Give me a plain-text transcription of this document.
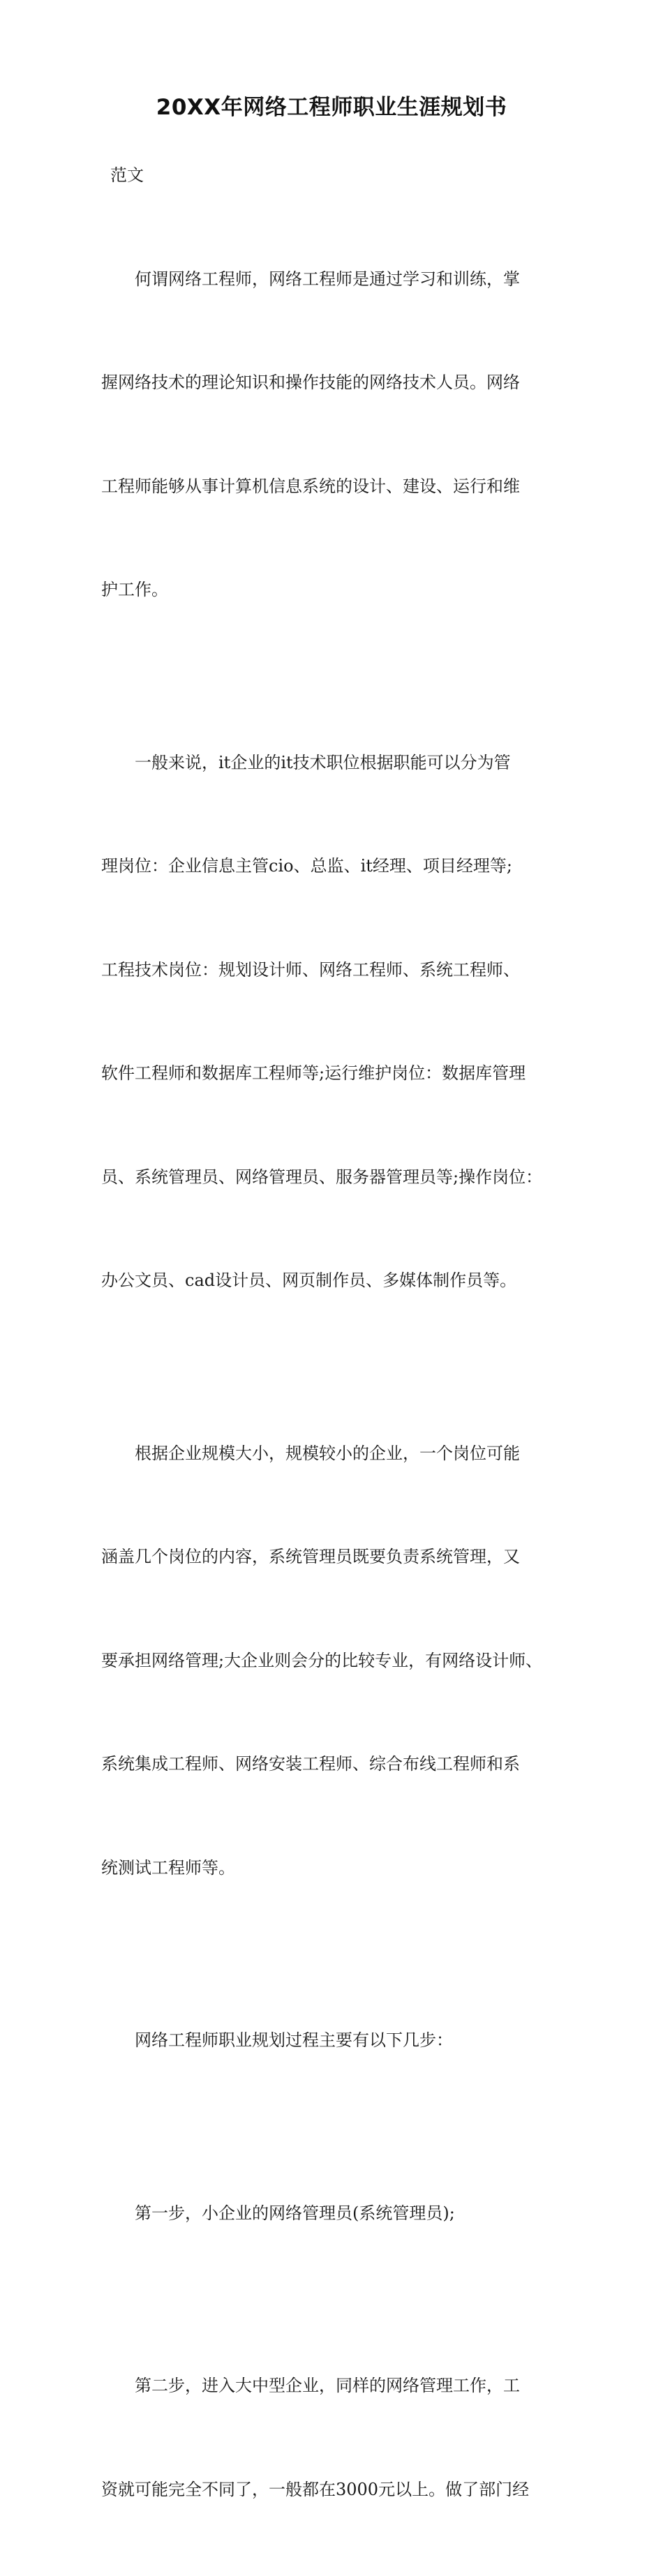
20XX年网络工程师职业生涯规划书

范文

何谓网络工程师，网络工程师是通过学习和训练，掌

握网络技术的理论知识和操作技能的网络技术人员。网络

工程师能够从事计算机信息系统的设计、建设、运行和维

护工作。

一般来说，it企业的it技术职位根据职能可以分为管

理岗位：企业信息主管cio、总监、it经理、项目经理等;

工程技术岗位：规划设计师、网络工程师、系统工程师、

软件工程师和数据库工程师等;运行维护岗位：数据库管理

员、系统管理员、网络管理员、服务器管理员等;操作岗位：

办公文员、cad设计员、网页制作员、多媒体制作员等。

根据企业规模大小，规模较小的企业，一个岗位可能

涵盖几个岗位的内容，系统管理员既要负责系统管理，又

要承担网络管理;大企业则会分的比较专业，有网络设计师、

系统集成工程师、网络安装工程师、综合布线工程师和系

统测试工程师等。

网络工程师职业规划过程主要有以下几步：

第一步，小企业的网络管理员(系统管理员);

第二步，进入大中型企业，同样的网络管理工作，工

资就可能完全不同了，一般都在3000元以上。做了部门经
